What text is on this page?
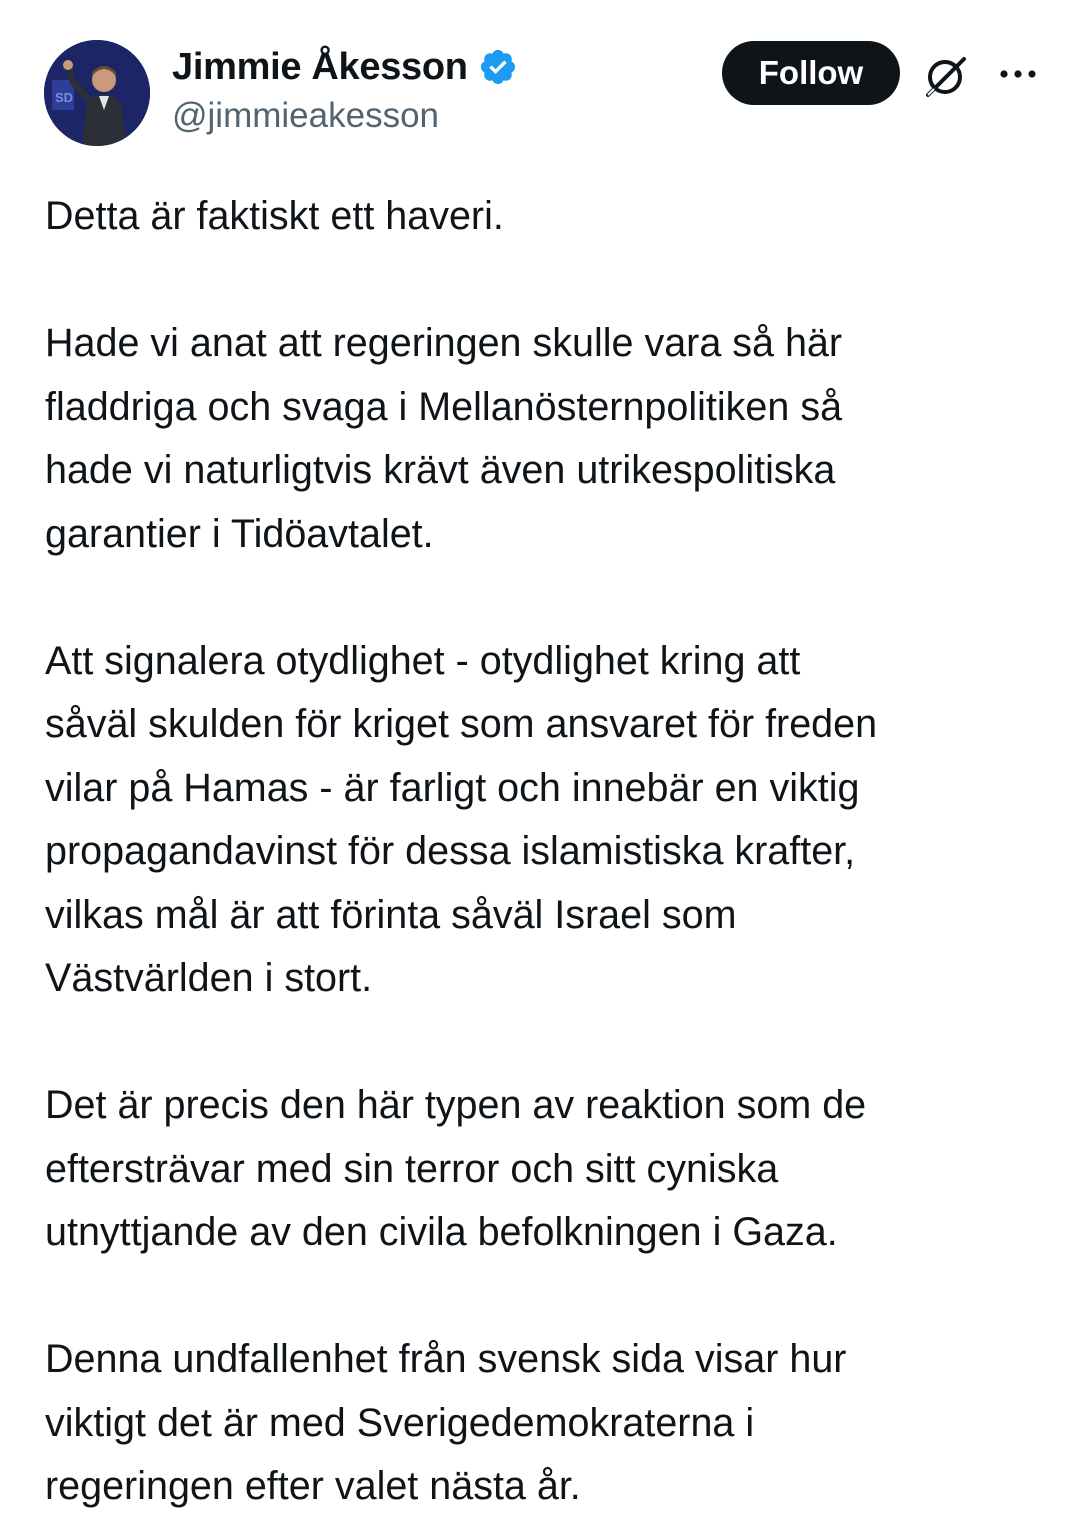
SD
Jimmie Åkesson
@jimmieakesson
Follow

Detta är faktiskt ett haveri.

Hade vi anat att regeringen skulle vara så här
fladdriga och svaga i Mellanösternpolitiken så
hade vi naturligtvis krävt även utrikespolitiska
garantier i Tidöavtalet.

Att signalera otydlighet - otydlighet kring att
såväl skulden för kriget som ansvaret för freden
vilar på Hamas - är farligt och innebär en viktig
propagandavinst för dessa islamistiska krafter,
vilkas mål är att förinta såväl Israel som
Västvärlden i stort.

Det är precis den här typen av reaktion som de
eftersträvar med sin terror och sitt cyniska
utnyttjande av den civila befolkningen i Gaza.

Denna undfallenhet från svensk sida visar hur
viktigt det är med Sverigedemokraterna i
regeringen efter valet nästa år.
